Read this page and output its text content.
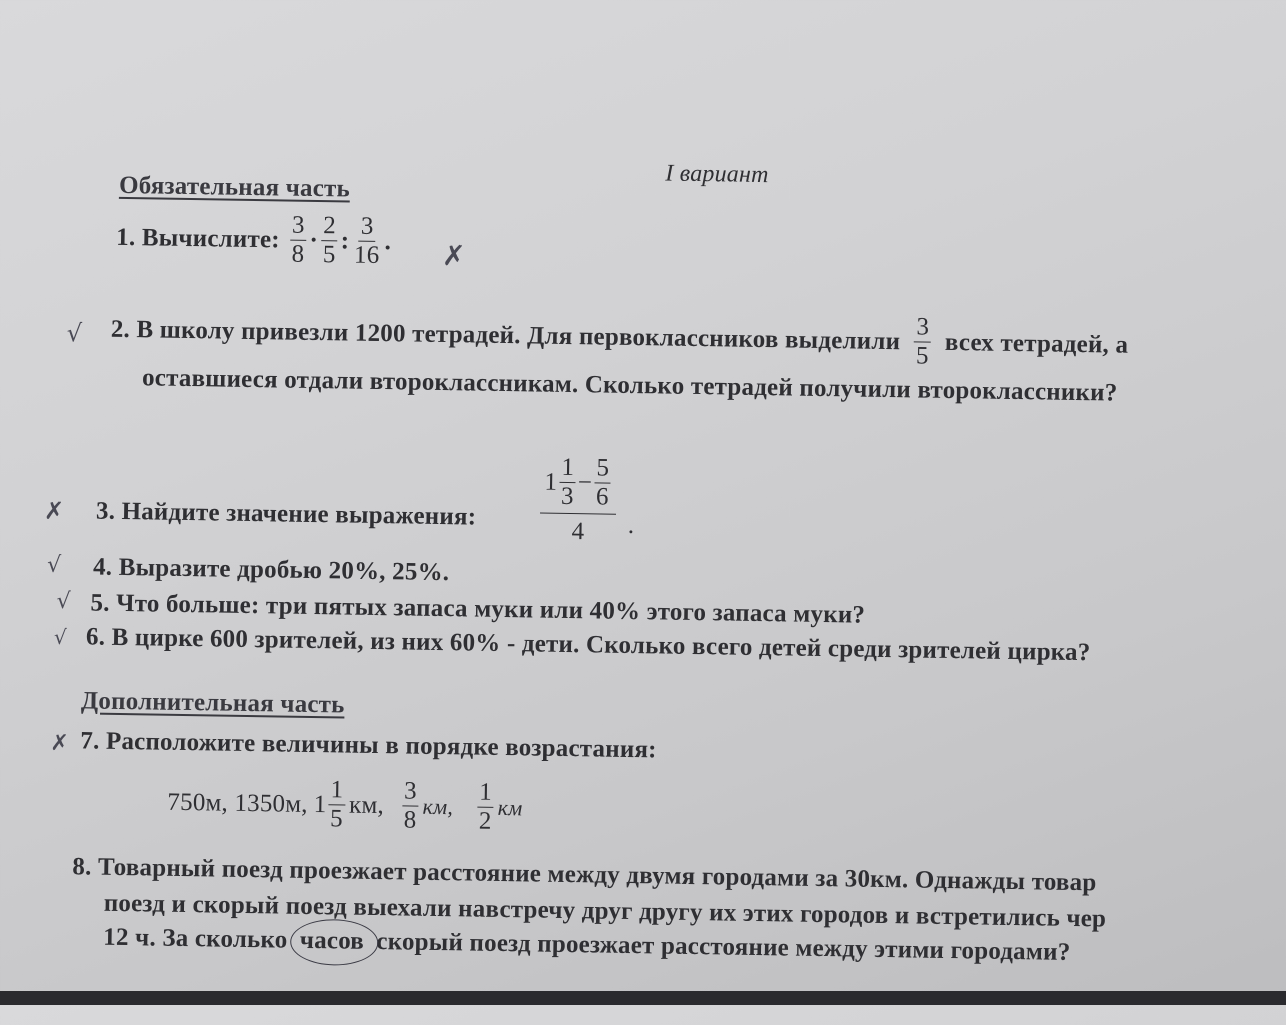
I вариант
Обязательная часть
1. Вычислите: $\frac{3}{8} \cdot \frac{2}{5}$ : $\frac{3}{16}$ . ✗
√ 2. В школу привезли 1200 тетрадей. Для первоклассников выделили $\frac{3}{5}$ всех тетрадей, а
оставшиеся отдали второклассникам. Сколько тетрадей получили второклассники?
✗ 3. Найдите значение выражения:	$\frac{1 \frac{1}{3} - \frac{5}{6}}{4}$ .
√ 4. Выразите дробью 20%, 25%.
√ 5. Что больше: три пятых запаса муки или 40% этого запаса муки?
√ 6. В цирке 600 зрителей, из них 60% - дети. Сколько всего детей среди зрителей цирка?
Дополнительная часть
✗ 7. Расположите величины в порядке возрастания:
750м, 1350м, $1 \frac{1}{5}$ км, $\frac{3}{8}$ км, $\frac{1}{2}$ км
8. Товарный поезд проезжает расстояние между двумя городами за 30км. Однажды товар
поезд и скорый поезд выехали навстречу друг другу их этих городов и встретились чер
12 ч. За сколько часов скорый поезд проезжает расстояние между этими городами?
